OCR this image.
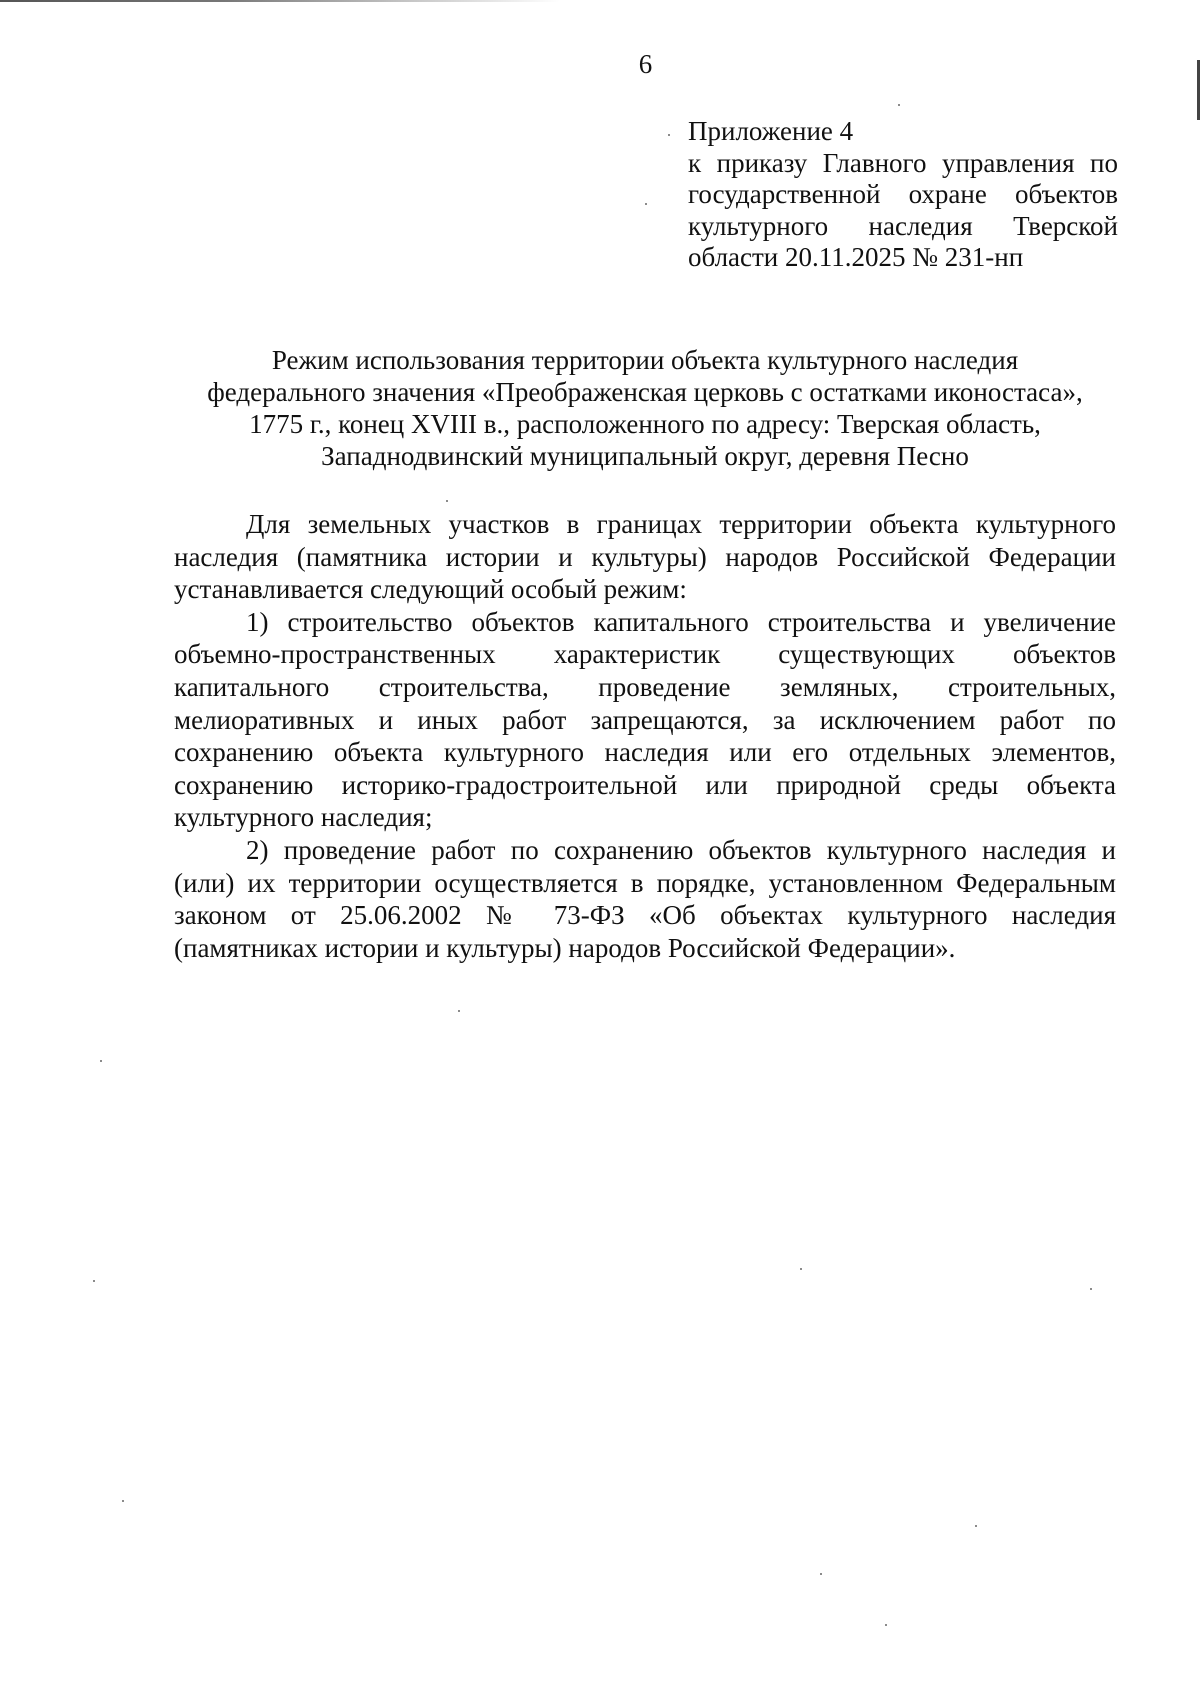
6
Приложение 4
к приказу Главного управления по
государственной охране объектов
культурного наследия Тверской
области 20.11.2025 № 231-нп
Режим использования территории объекта культурного наследия
федерального значения «Преображенская церковь с остатками иконостаса»,
1775 г., конец XVIII в., расположенного по адресу: Тверская область,
Западнодвинский муниципальный округ, деревня Песно
Для земельных участков в границах территории объекта культурного
наследия (памятника истории и культуры) народов Российской Федерации
устанавливается следующий особый режим:
1) строительство объектов капитального строительства и увеличение
объемно-пространственных характеристик существующих объектов
капитального строительства, проведение земляных, строительных,
мелиоративных и иных работ запрещаются, за исключением работ по
сохранению объекта культурного наследия или его отдельных элементов,
сохранению историко-градостроительной или природной среды объекта
культурного наследия;
2) проведение работ по сохранению объектов культурного наследия и
(или) их территории осуществляется в порядке, установленном Федеральным
законом от 25.06.2002 № 73-ФЗ «Об объектах культурного наследия
(памятниках истории и культуры) народов Российской Федерации».
